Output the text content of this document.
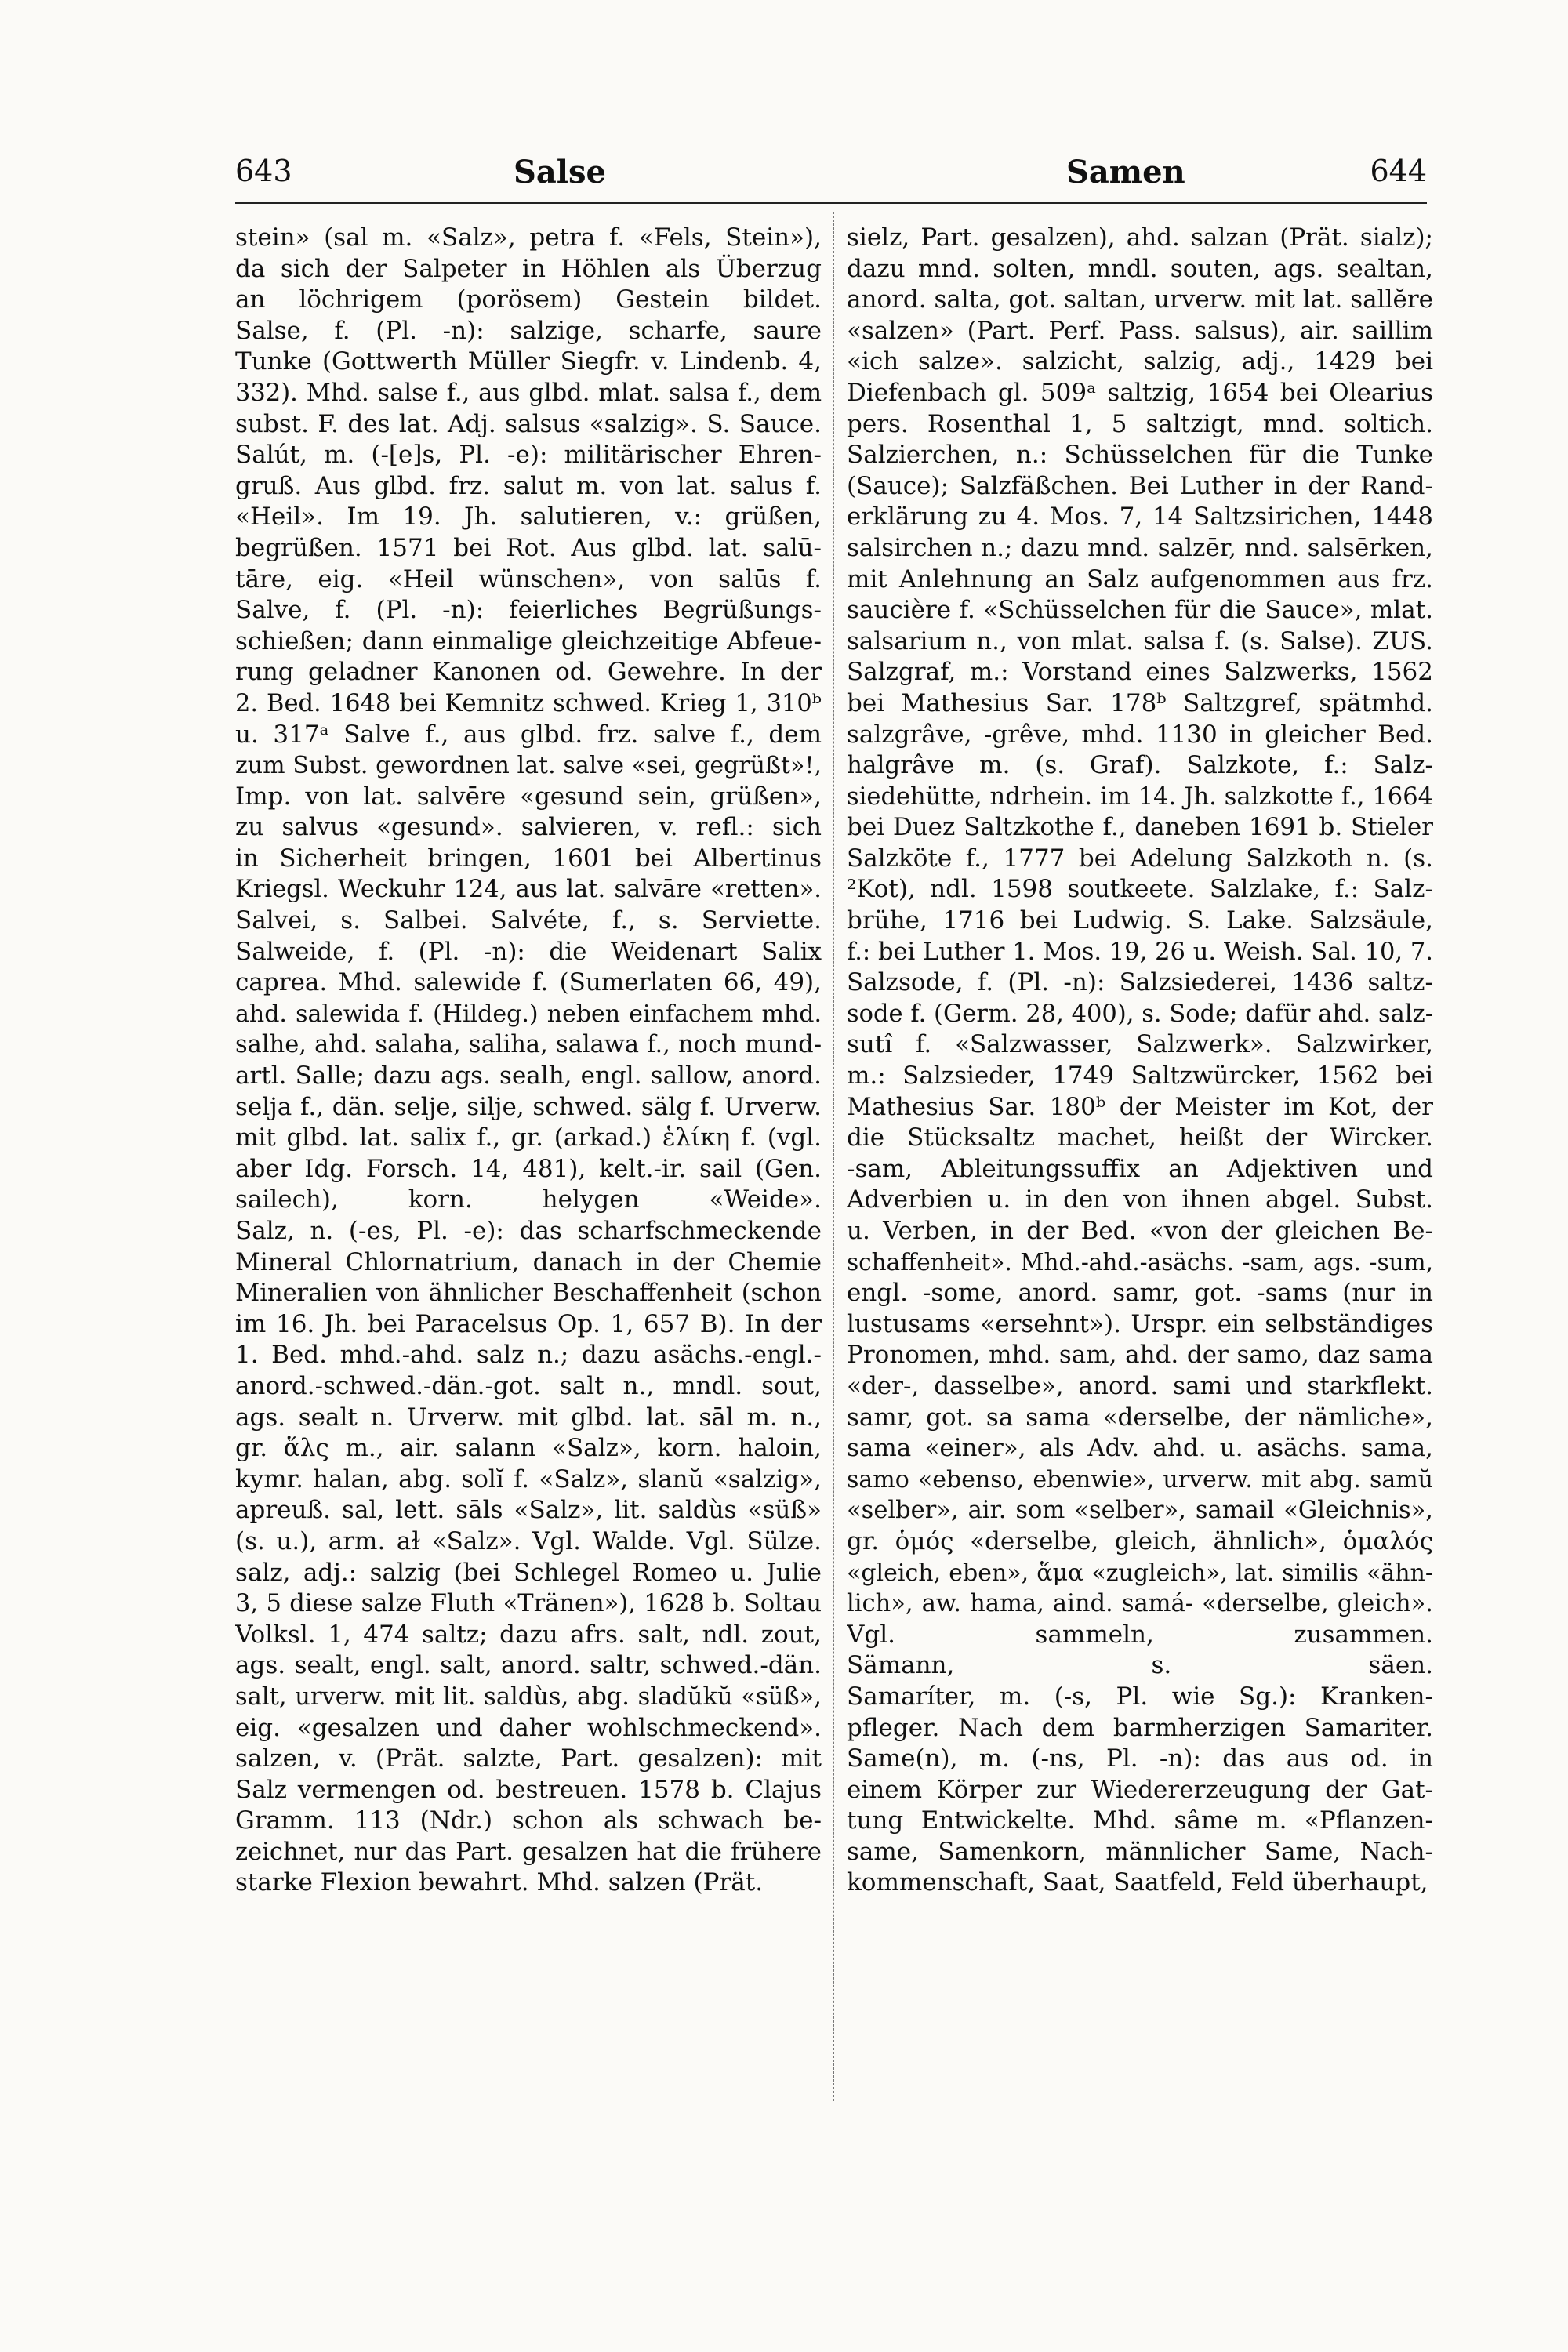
643	Salse	Samen	644
stein» (sal m. «Salz», petra f. «Fels, Stein»),
da sich der Salpeter in Höhlen als Überzug
an löchrigem (porösem) Gestein bildet.
Salse, f. (Pl. -n): salzige, scharfe, saure
Tunke (Gottwerth Müller Siegfr. v. Lindenb. 4,
332). Mhd. salse f., aus glbd. mlat. salsa f., dem
subst. F. des lat. Adj. salsus «salzig». S. Sauce.
Salút, m. (-[e]s, Pl. -e): militärischer Ehren-
gruß. Aus glbd. frz. salut m. von lat. salus f.
«Heil». Im 19. Jh. salutieren, v.: grüßen,
begrüßen. 1571 bei Rot. Aus glbd. lat. salū-
tāre, eig. «Heil wünschen», von salūs f.
Salve, f. (Pl. -n): feierliches Begrüßungs-
schießen; dann einmalige gleichzeitige Abfeue-
rung geladner Kanonen od. Gewehre. In der
2. Bed. 1648 bei Kemnitz schwed. Krieg 1, 310ᵇ
u. 317ᵃ Salve f., aus glbd. frz. salve f., dem
zum Subst. gewordnen lat. salve «sei, gegrüßt»!,
Imp. von lat. salvēre «gesund sein, grüßen»,
zu salvus «gesund». salvieren, v. refl.: sich
in Sicherheit bringen, 1601 bei Albertinus
Kriegsl. Weckuhr 124, aus lat. salvāre «retten».
Salvei, s. Salbei. Salvéte, f., s. Serviette.
Salweide, f. (Pl. -n): die Weidenart Salix
caprea. Mhd. salewide f. (Sumerlaten 66, 49),
ahd. salewida f. (Hildeg.) neben einfachem mhd.
salhe, ahd. salaha, saliha, salawa f., noch mund-
artl. Salle; dazu ags. sealh, engl. sallow, anord.
selja f., dän. selje, silje, schwed. sälg f. Urverw.
mit glbd. lat. salix f., gr. (arkad.) ἑλίκη f. (vgl.
aber Idg. Forsch. 14, 481), kelt.-ir. sail (Gen.
sailech), korn. helygen «Weide».
Salz, n. (-es, Pl. -e): das scharfschmeckende
Mineral Chlornatrium, danach in der Chemie
Mineralien von ähnlicher Beschaffenheit (schon
im 16. Jh. bei Paracelsus Op. 1, 657 B). In der
1. Bed. mhd.-ahd. salz n.; dazu asächs.-engl.-
anord.-schwed.-dän.-got. salt n., mndl. sout,
ags. sealt n. Urverw. mit glbd. lat. sāl m. n.,
gr. ἅλς m., air. salann «Salz», korn. haloin,
kymr. halan, abg. solĭ f. «Salz», slanŭ «salzig»,
apreuß. sal, lett. sāls «Salz», lit. saldùs «süß»
(s. u.), arm. aɫ «Salz». Vgl. Walde. Vgl. Sülze.
salz, adj.: salzig (bei Schlegel Romeo u. Julie
3, 5 diese salze Fluth «Tränen»), 1628 b. Soltau
Volksl. 1, 474 saltz; dazu afrs. salt, ndl. zout,
ags. sealt, engl. salt, anord. saltr, schwed.-dän.
salt, urverw. mit lit. saldùs, abg. sladŭkŭ «süß»,
eig. «gesalzen und daher wohlschmeckend».
salzen, v. (Prät. salzte, Part. gesalzen): mit
Salz vermengen od. bestreuen. 1578 b. Clajus
Gramm. 113 (Ndr.) schon als schwach be-
zeichnet, nur das Part. gesalzen hat die frühere
starke Flexion bewahrt. Mhd. salzen (Prät.
sielz, Part. gesalzen), ahd. salzan (Prät. sialz);
dazu mnd. solten, mndl. souten, ags. sealtan,
anord. salta, got. saltan, urverw. mit lat. sallĕre
«salzen» (Part. Perf. Pass. salsus), air. saillim
«ich salze». salzicht, salzig, adj., 1429 bei
Diefenbach gl. 509ᵃ saltzig, 1654 bei Olearius
pers. Rosenthal 1, 5 saltzigt, mnd. soltich.
Salzierchen, n.: Schüsselchen für die Tunke
(Sauce); Salzfäßchen. Bei Luther in der Rand-
erklärung zu 4. Mos. 7, 14 Saltzsirichen, 1448
salsirchen n.; dazu mnd. salzēr, nnd. salsērken,
mit Anlehnung an Salz aufgenommen aus frz.
saucière f. «Schüsselchen für die Sauce», mlat.
salsarium n., von mlat. salsa f. (s. Salse). ZUS.
Salzgraf, m.: Vorstand eines Salzwerks, 1562
bei Mathesius Sar. 178ᵇ Saltzgref, spätmhd.
salzgrâve, -grêve, mhd. 1130 in gleicher Bed.
halgrâve m. (s. Graf). Salzkote, f.: Salz-
siedehütte, ndrhein. im 14. Jh. salzkotte f., 1664
bei Duez Saltzkothe f., daneben 1691 b. Stieler
Salzköte f., 1777 bei Adelung Salzkoth n. (s.
²Kot), ndl. 1598 soutkeete. Salzlake, f.: Salz-
brühe, 1716 bei Ludwig. S. Lake. Salzsäule,
f.: bei Luther 1. Mos. 19, 26 u. Weish. Sal. 10, 7.
Salzsode, f. (Pl. -n): Salzsiederei, 1436 saltz-
sode f. (Germ. 28, 400), s. Sode; dafür ahd. salz-
sutî f. «Salzwasser, Salzwerk». Salzwirker,
m.: Salzsieder, 1749 Saltzwürcker, 1562 bei
Mathesius Sar. 180ᵇ der Meister im Kot, der
die Stücksaltz machet, heißt der Wircker.
-sam, Ableitungssuffix an Adjektiven und
Adverbien u. in den von ihnen abgel. Subst.
u. Verben, in der Bed. «von der gleichen Be-
schaffenheit». Mhd.-ahd.-asächs. -sam, ags. -sum,
engl. -some, anord. samr, got. -sams (nur in
lustusams «ersehnt»). Urspr. ein selbständiges
Pronomen, mhd. sam, ahd. der samo, daz sama
«der-, dasselbe», anord. sami und starkflekt.
samr, got. sa sama «derselbe, der nämliche»,
sama «einer», als Adv. ahd. u. asächs. sama,
samo «ebenso, ebenwie», urverw. mit abg. samŭ
«selber», air. som «selber», samail «Gleichnis»,
gr. ὁμός «derselbe, gleich, ähnlich», ὁμαλός
«gleich, eben», ἅμα «zugleich», lat. similis «ähn-
lich», aw. hama, aind. samá- «derselbe, gleich».
Vgl. sammeln, zusammen.
Sämann, s. säen.
Samaríter, m. (-s, Pl. wie Sg.): Kranken-
pfleger. Nach dem barmherzigen Samariter.
Same(n), m. (-ns, Pl. -n): das aus od. in
einem Körper zur Wiedererzeugung der Gat-
tung Entwickelte. Mhd. sâme m. «Pflanzen-
same, Samenkorn, männlicher Same, Nach-
kommenschaft, Saat, Saatfeld, Feld überhaupt,
